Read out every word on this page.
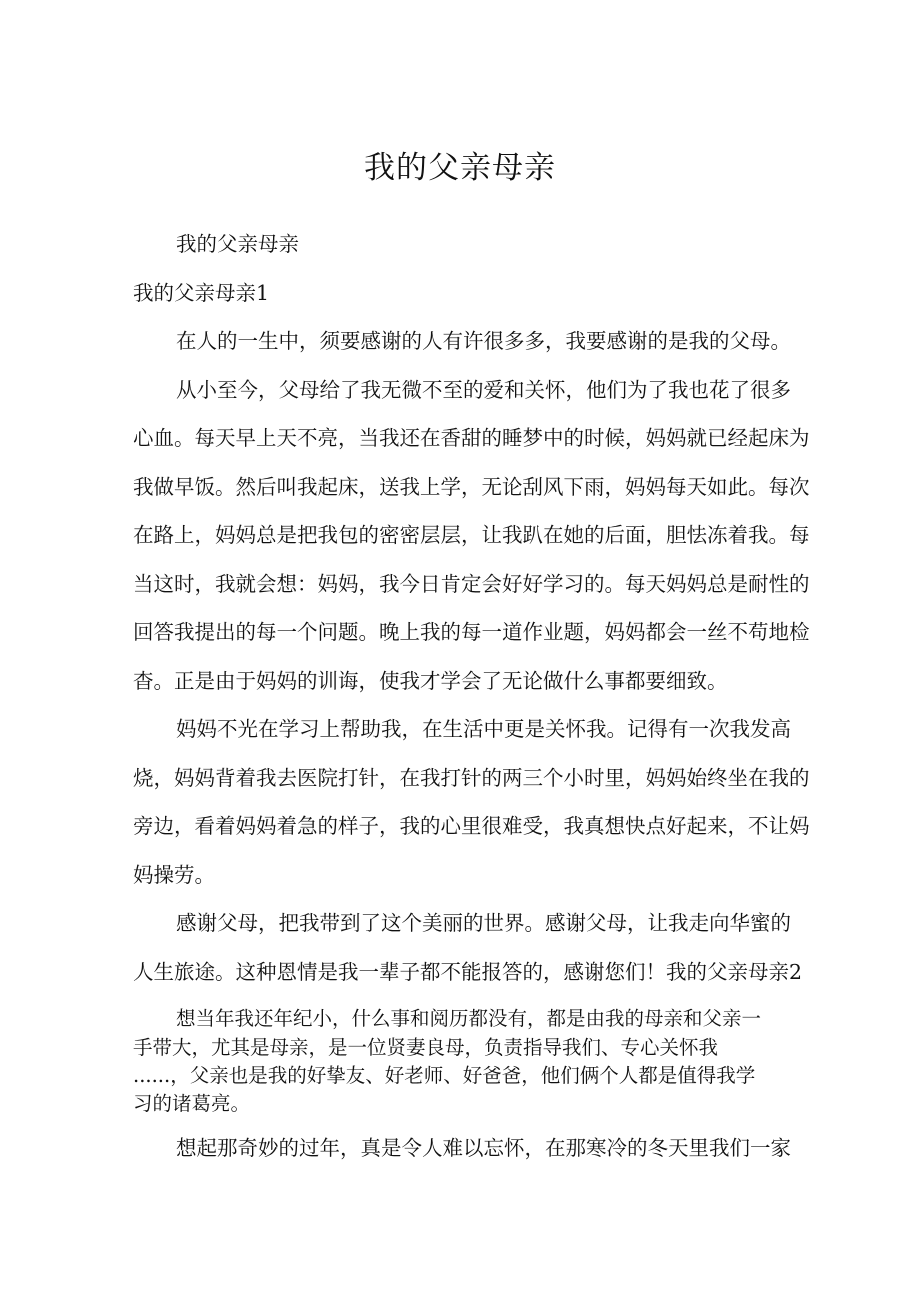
我的父亲母亲
我的父亲母亲
我的父亲母亲1
在人的一生中，须要感谢的人有许很多多，我要感谢的是我的父母。
从小至今，父母给了我无微不至的爱和关怀，他们为了我也花了很多
心血。每天早上天不亮，当我还在香甜的睡梦中的时候，妈妈就已经起床为
我做早饭。然后叫我起床，送我上学，无论刮风下雨，妈妈每天如此。每次
在路上，妈妈总是把我包的密密层层，让我趴在她的后面，胆怯冻着我。每
当这时，我就会想：妈妈，我今日肯定会好好学习的。每天妈妈总是耐性的
回答我提出的每一个问题。晚上我的每一道作业题，妈妈都会一丝不苟地检
杳。正是由于妈妈的训诲，使我才学会了无论做什么事都要细致。
妈妈不光在学习上帮助我，在生活中更是关怀我。记得有一次我发高
烧，妈妈背着我去医院打针，在我打针的两三个小时里，妈妈始终坐在我的
旁边，看着妈妈着急的样子，我的心里很难受，我真想快点好起来，不让妈
妈操劳。
感谢父母，把我带到了这个美丽的世界。感谢父母，让我走向华蜜的
人生旅途。这种恩情是我一辈子都不能报答的，感谢您们！我的父亲母亲2
想当年我还年纪小，什么事和阅历都没有，都是由我的母亲和父亲一
手带大，尤其是母亲，是一位贤妻良母，负责指导我们、专心关怀我
......，父亲也是我的好挚友、好老师、好爸爸，他们俩个人都是值得我学
习的诸葛亮。
想起那奇妙的过年，真是令人难以忘怀，在那寒冷的冬天里我们一家
